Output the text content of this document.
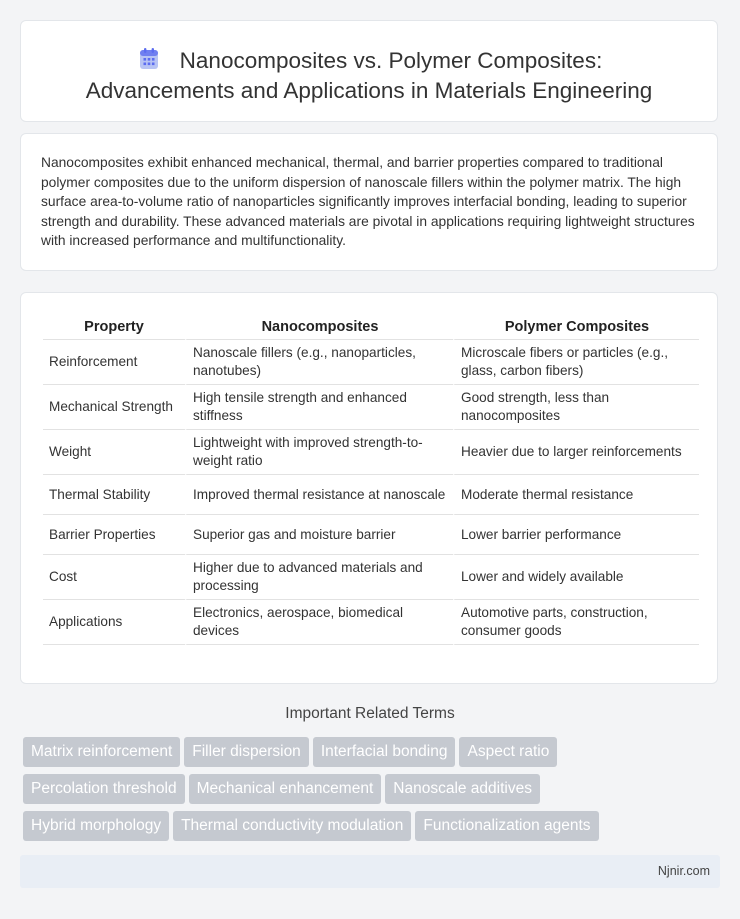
Nanocomposites vs. Polymer Composites:
Advancements and Applications in Materials Engineering

Nanocomposites exhibit enhanced mechanical, thermal, and barrier properties compared to traditional polymer composites due to the uniform dispersion of nanoscale fillers within the polymer matrix. The high surface area-to-volume ratio of nanoparticles significantly improves interfacial bonding, leading to superior strength and durability. These advanced materials are pivotal in applications requiring lightweight structures with increased performance and multifunctionality.

Property	Nanocomposites	Polymer Composites
Reinforcement	Nanoscale fillers (e.g., nanoparticles, nanotubes)	Microscale fibers or particles (e.g., glass, carbon fibers)
Mechanical Strength	High tensile strength and enhanced stiffness	Good strength, less than nanocomposites
Weight	Lightweight with improved strength-to-weight ratio	Heavier due to larger reinforcements
Thermal Stability	Improved thermal resistance at nanoscale	Moderate thermal resistance
Barrier Properties	Superior gas and moisture barrier	Lower barrier performance
Cost	Higher due to advanced materials and processing	Lower and widely available
Applications	Electronics, aerospace, biomedical devices	Automotive parts, construction, consumer goods
Important Related Terms
Matrix reinforcement Filler dispersion Interfacial bonding Aspect ratio
Percolation threshold Mechanical enhancement Nanoscale additives
Hybrid morphology Thermal conductivity modulation Functionalization agents
Njnir.com
